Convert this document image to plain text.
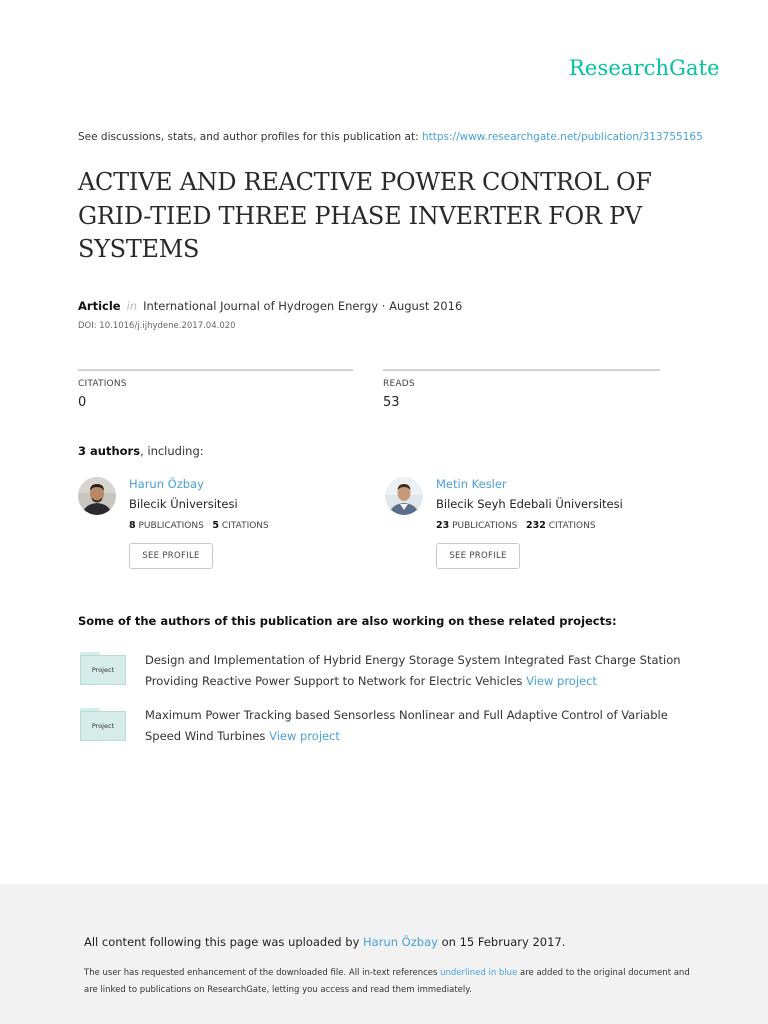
ResearchGate
See discussions, stats, and author profiles for this publication at: https://www.researchgate.net/publication/313755165
ACTIVE AND REACTIVE POWER CONTROL OF GRID-TIED THREE PHASE INVERTER FOR PV SYSTEMS
Article in International Journal of Hydrogen Energy · August 2016
DOI: 10.1016/j.ijhydene.2017.04.020
CITATIONS
0
READS
53
3 authors, including:
Harun Özbay
Bilecik Üniversitesi
8 PUBLICATIONS 5 CITATIONS
SEE PROFILE
Metin Kesler
Bilecik Seyh Edebali Üniversitesi
23 PUBLICATIONS 232 CITATIONS
SEE PROFILE
Some of the authors of this publication are also working on these related projects:
Project
Design and Implementation of Hybrid Energy Storage System Integrated Fast Charge Station Providing Reactive Power Support to Network for Electric Vehicles View project
Project
Maximum Power Tracking based Sensorless Nonlinear and Full Adaptive Control of Variable Speed Wind Turbines View project
All content following this page was uploaded by Harun Özbay on 15 February 2017.
The user has requested enhancement of the downloaded file. All in-text references underlined in blue are added to the original document and are linked to publications on ResearchGate, letting you access and read them immediately.
